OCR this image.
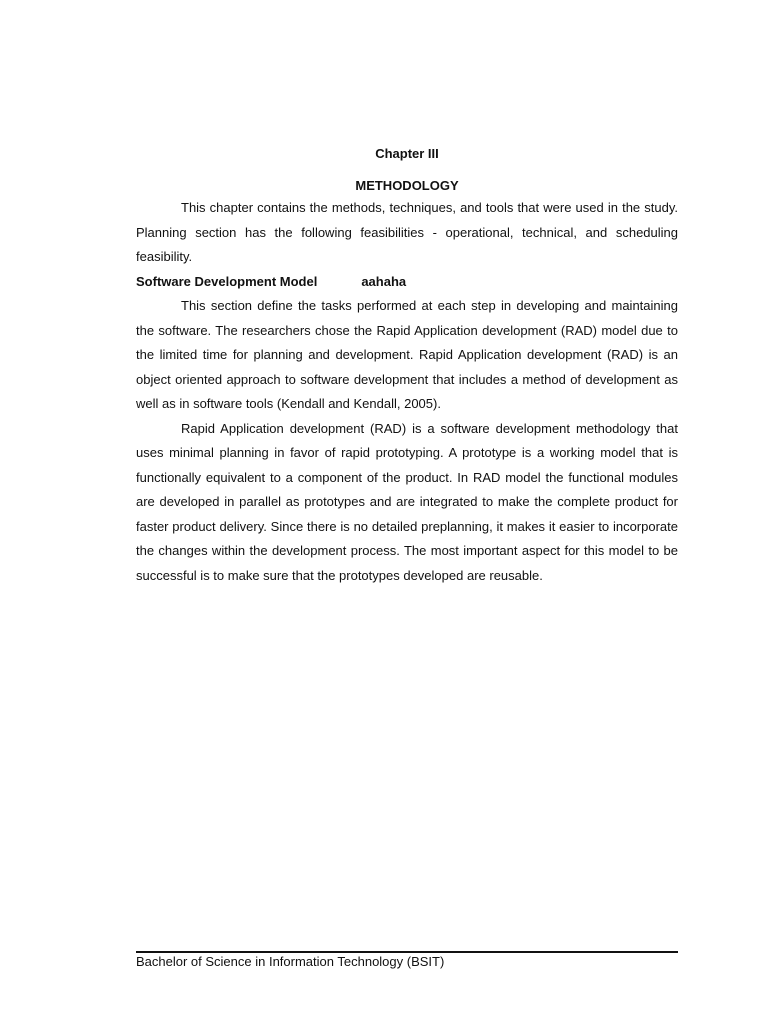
Chapter III
METHODOLOGY

This chapter contains the methods, techniques, and tools that were used in the study. Planning section has the following feasibilities - operational, technical, and scheduling feasibility.

Software Development Model	aahaha

This section define the tasks performed at each step in developing and maintaining the software. The researchers chose the Rapid Application development (RAD) model due to the limited time for planning and development. Rapid Application development (RAD) is an object oriented approach to software development that includes a method of development as well as in software tools (Kendall and Kendall, 2005).

Rapid Application development (RAD) is a software development methodology that uses minimal planning in favor of rapid prototyping. A prototype is a working model that is functionally equivalent to a component of the product. In RAD model the functional modules are developed in parallel as prototypes and are integrated to make the complete product for faster product delivery. Since there is no detailed preplanning, it makes it easier to incorporate the changes within the development process. The most important aspect for this model to be successful is to make sure that the prototypes developed are reusable.

Bachelor of Science in Information Technology (BSIT)
